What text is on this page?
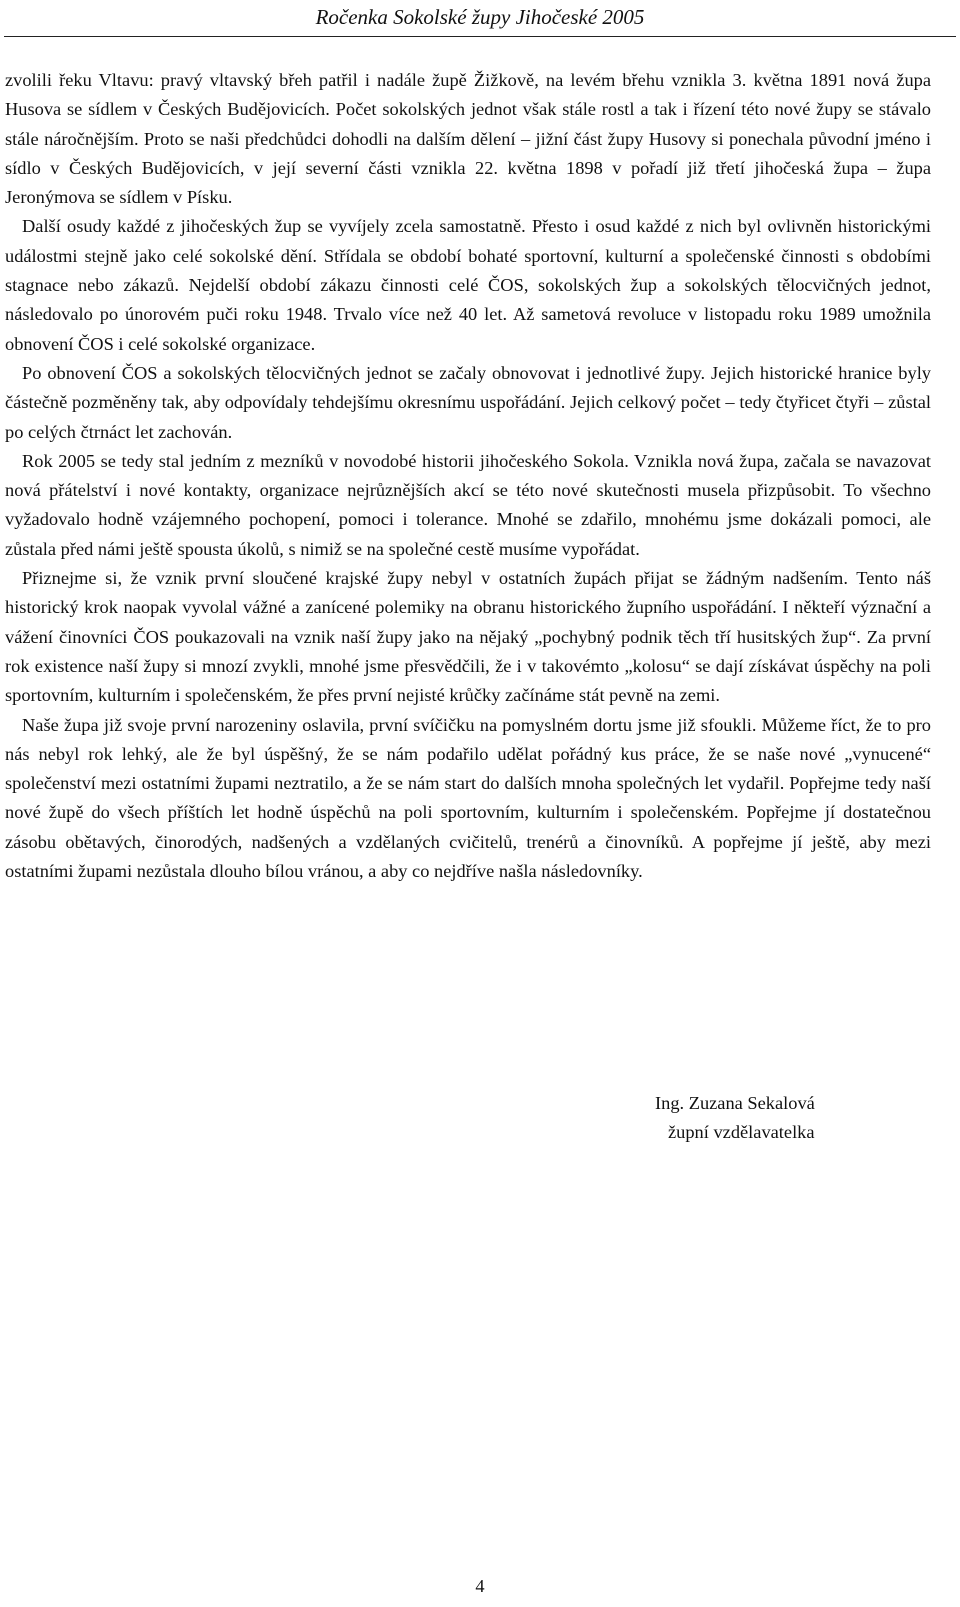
Ročenka Sokolské župy Jihočeské 2005

zvolili řeku Vltavu: pravý vltavský břeh patřil i nadále župě Žižkově, na levém břehu vznikla 3. května 1891 nová župa Husova se sídlem v Českých Budějovicích. Počet sokolských jednot však stále rostl a tak i řízení této nové župy se stávalo stále náročnějším. Proto se naši předchůdci dohodli na dalším dělení – jižní část župy Husovy si ponechala původní jméno i sídlo v Českých Budějovicích, v její severní části vznikla 22. května 1898 v pořadí již třetí jihočeská župa – župa Jeronýmova se sídlem v Písku.

Další osudy každé z jihočeských žup se vyvíjely zcela samostatně. Přesto i osud každé z nich byl ovlivněn historickými událostmi stejně jako celé sokolské dění. Střídala se období bohaté sportovní, kulturní a společenské činnosti s obdobími stagnace nebo zákazů. Nejdelší období zákazu činnosti celé ČOS, sokolských žup a sokolských tělocvičných jednot, následovalo po únorovém puči roku 1948. Trvalo více než 40 let. Až sametová revoluce v listopadu roku 1989 umožnila obnovení ČOS i celé sokolské organizace.

Po obnovení ČOS a sokolských tělocvičných jednot se začaly obnovovat i jednotlivé župy. Jejich historické hranice byly částečně pozměněny tak, aby odpovídaly tehdejšímu okresnímu uspořádání. Jejich celkový počet – tedy čtyřicet čtyři – zůstal po celých čtrnáct let zachován.

Rok 2005 se tedy stal jedním z mezníků v novodobé historii jihočeského Sokola. Vznikla nová župa, začala se navazovat nová přátelství i nové kontakty, organizace nejrůznějších akcí se této nové skutečnosti musela přizpůsobit. To všechno vyžadovalo hodně vzájemného pochopení, pomoci i tolerance. Mnohé se zdařilo, mnohému jsme dokázali pomoci, ale zůstala před námi ještě spousta úkolů, s nimiž se na společné cestě musíme vypořádat.

Přiznejme si, že vznik první sloučené krajské župy nebyl v ostatních župách přijat se žádným nadšením. Tento náš historický krok naopak vyvolal vážné a zanícené polemiky na obranu historického župního uspořádání. I někteří význační a vážení činovníci ČOS poukazovali na vznik naší župy jako na nějaký „pochybný podnik těch tří husitských žup“. Za první rok existence naší župy si mnozí zvykli, mnohé jsme přesvědčili, že i v takovémto „kolosu“ se dají získávat úspěchy na poli sportovním, kulturním i společenském, že přes první nejisté krůčky začínáme stát pevně na zemi.

Naše župa již svoje první narozeniny oslavila, první svíčičku na pomyslném dortu jsme již sfoukli. Můžeme říct, že to pro nás nebyl rok lehký, ale že byl úspěšný, že se nám podařilo udělat pořádný kus práce, že se naše nové „vynucené“ společenství mezi ostatními župami neztratilo, a že se nám start do dalších mnoha společných let vydařil. Popřejme tedy naší nové župě do všech příštích let hodně úspěchů na poli sportovním, kulturním i společenském. Popřejme jí dostatečnou zásobu obětavých, činorodých, nadšených a vzdělaných cvičitelů, trenérů a činovníků. A popřejme jí ještě, aby mezi ostatními župami nezůstala dlouho bílou vránou, a aby co nejdříve našla následovníky.

Ing. Zuzana Sekalová
župní vzdělavatelka
4
